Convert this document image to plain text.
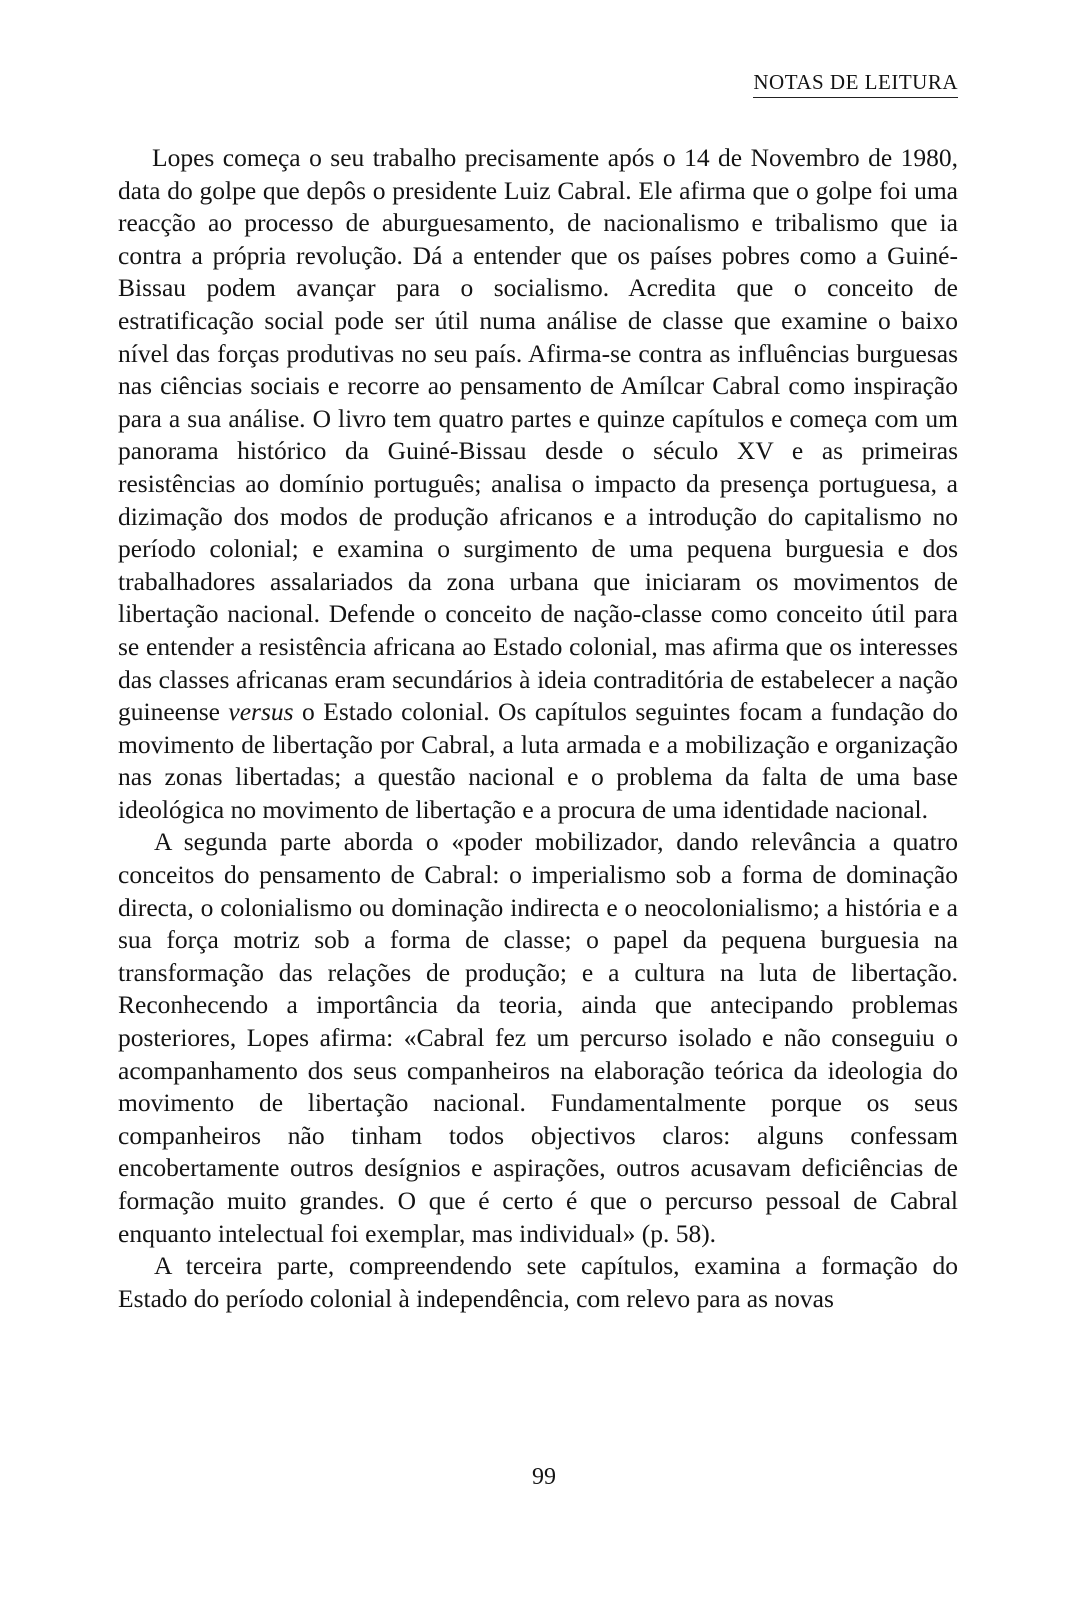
NOTAS DE LEITURA

Lopes começa o seu trabalho precisamente após o 14 de Novembro de 1980, data do golpe que depôs o presidente Luiz Cabral. Ele afirma que o golpe foi uma reacção ao processo de aburguesamento, de nacionalismo e tribalismo que ia contra a própria revolução. Dá a entender que os países pobres como a Guiné-Bissau podem avançar para o socialismo. Acredita que o conceito de estratificação social pode ser útil numa análise de classe que examine o baixo nível das forças produtivas no seu país. Afirma-se contra as influências burguesas nas ciências sociais e recorre ao pensamento de Amílcar Cabral como inspiração para a sua análise. O livro tem quatro partes e quinze capítulos e começa com um panorama histórico da Guiné-Bissau desde o século XV e as primeiras resistências ao domínio português; analisa o impacto da presença portuguesa, a dizimação dos modos de produção africanos e a introdução do capitalismo no período colonial; e examina o surgimento de uma pequena burguesia e dos trabalhadores assalariados da zona urbana que iniciaram os movimentos de libertação nacional. Defende o conceito de nação-classe como conceito útil para se entender a resistência africana ao Estado colonial, mas afirma que os interesses das classes africanas eram secundários à ideia contraditória de estabelecer a nação guineense versus o Estado colonial. Os capítulos seguintes focam a fundação do movimento de libertação por Cabral, a luta armada e a mobilização e organização nas zonas libertadas; a questão nacional e o problema da falta de uma base ideológica no movimento de libertação e a procura de uma identidade nacional.

A segunda parte aborda o «poder mobilizador, dando relevância a quatro conceitos do pensamento de Cabral: o imperialismo sob a forma de dominação directa, o colonialismo ou dominação indirecta e o neocolonialismo; a história e a sua força motriz sob a forma de classe; o papel da pequena burguesia na transformação das relações de produção; e a cultura na luta de libertação. Reconhecendo a importância da teoria, ainda que antecipando problemas posteriores, Lopes afirma: «Cabral fez um percurso isolado e não conseguiu o acompanhamento dos seus companheiros na elaboração teórica da ideologia do movimento de libertação nacional. Fundamentalmente porque os seus companheiros não tinham todos objectivos claros: alguns confessam encobertamente outros desígnios e aspirações, outros acusavam deficiências de formação muito grandes. O que é certo é que o percurso pessoal de Cabral enquanto intelectual foi exemplar, mas individual» (p. 58).

A terceira parte, compreendendo sete capítulos, examina a formação do Estado do período colonial à independência, com relevo para as novas

99
